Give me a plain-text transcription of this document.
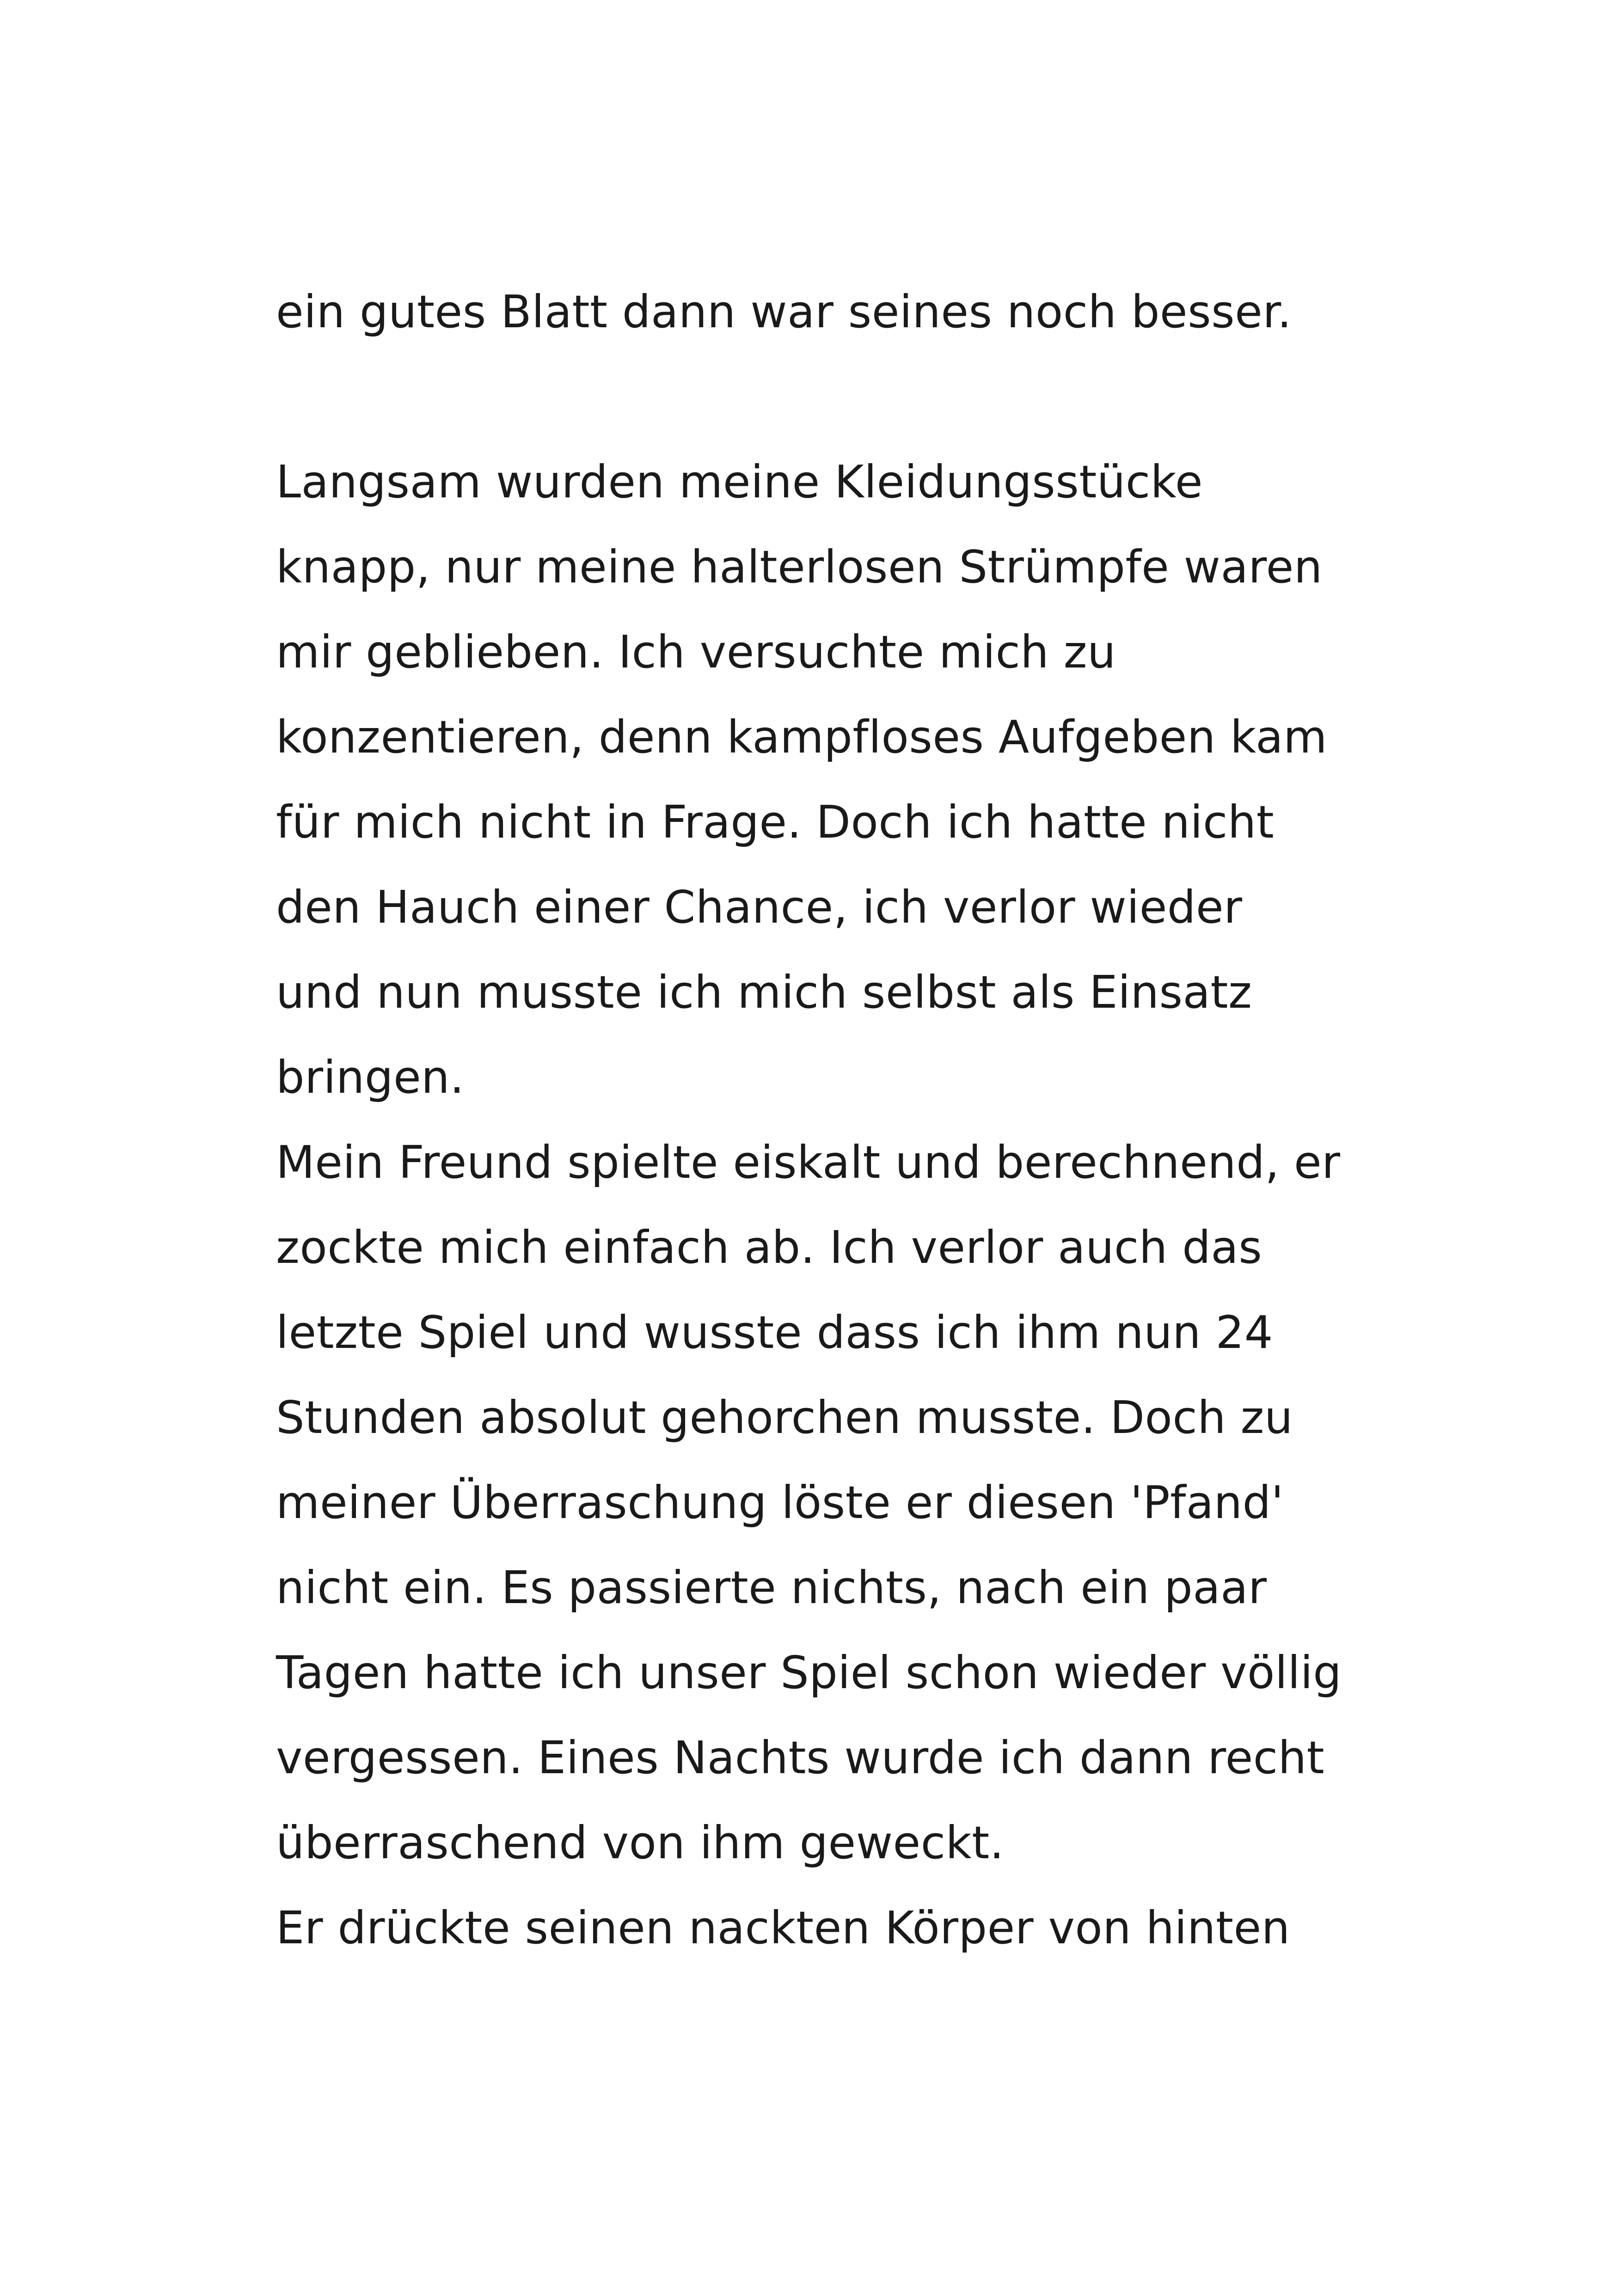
ein gutes Blatt dann war seines noch besser.

Langsam wurden meine Kleidungsstücke

knapp, nur meine halterlosen Strümpfe waren

mir geblieben. Ich versuchte mich zu

konzentieren, denn kampfloses Aufgeben kam

für mich nicht in Frage. Doch ich hatte nicht

den Hauch einer Chance, ich verlor wieder

und nun musste ich mich selbst als Einsatz

bringen.

Mein Freund spielte eiskalt und berechnend, er

zockte mich einfach ab. Ich verlor auch das

letzte Spiel und wusste dass ich ihm nun 24

Stunden absolut gehorchen musste. Doch zu

meiner Überraschung löste er diesen 'Pfand'

nicht ein. Es passierte nichts, nach ein paar

Tagen hatte ich unser Spiel schon wieder völlig

vergessen. Eines Nachts wurde ich dann recht

überraschend von ihm geweckt.

Er drückte seinen nackten Körper von hinten
